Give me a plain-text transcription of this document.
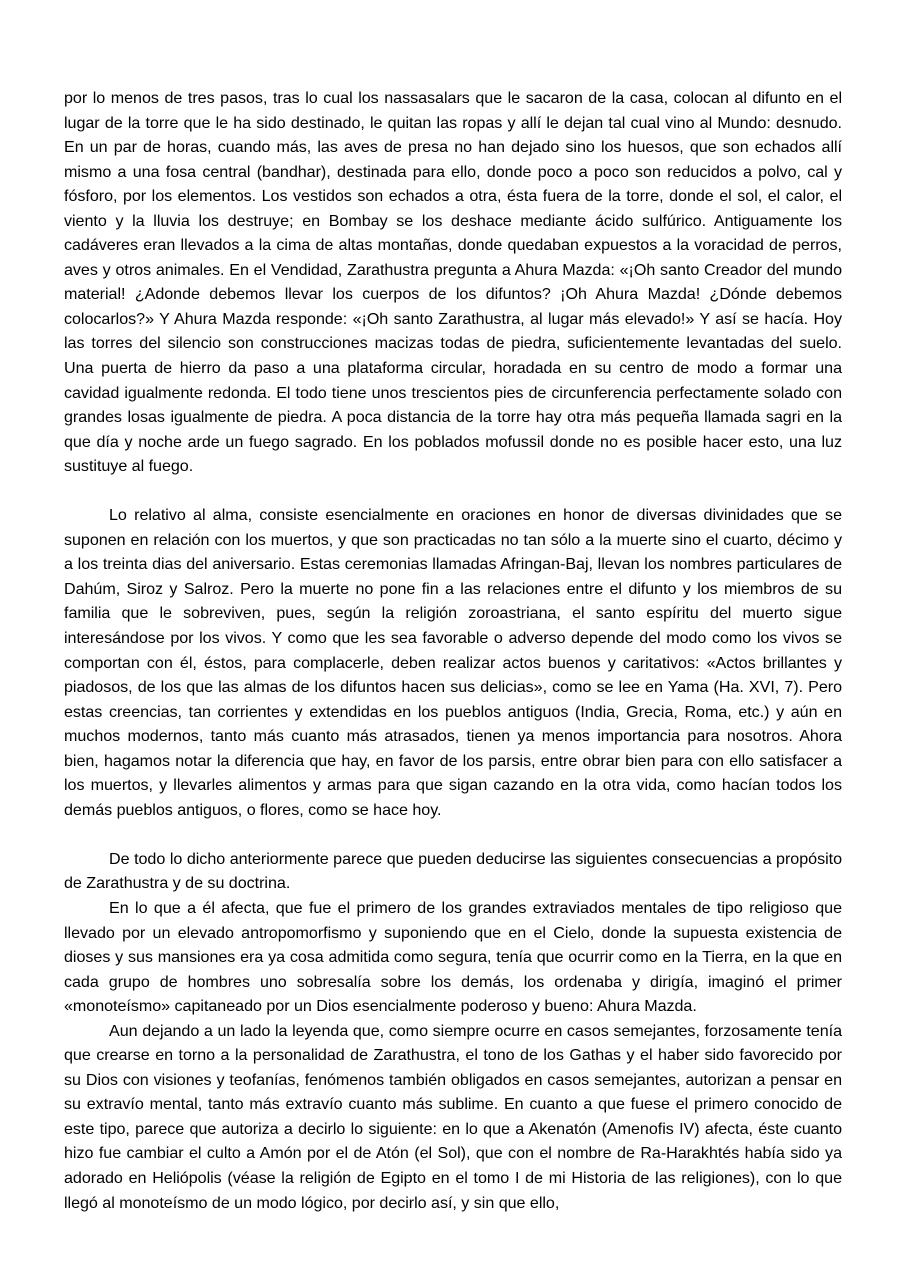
por lo menos de tres pasos, tras lo cual los nassasalars que le sacaron de la casa, colocan al difunto en el lugar de la torre que le ha sido destinado, le quitan las ropas y allí le dejan tal cual vino al Mundo: desnudo. En un par de horas, cuando más, las aves de presa no han dejado sino los huesos, que son echados allí mismo a una fosa central (bandhar), destinada para ello, donde poco a poco son reducidos a polvo, cal y fósforo, por los elementos. Los vestidos son echados a otra, ésta fuera de la torre, donde el sol, el calor, el viento y la lluvia los destruye; en Bombay se los deshace mediante ácido sulfúrico. Antiguamente los cadáveres eran llevados a la cima de altas montañas, donde quedaban expuestos a la voracidad de perros, aves y otros animales. En el Vendidad, Zarathustra pregunta a Ahura Mazda: «¡Oh santo Creador del mundo material! ¿Adonde debemos llevar los cuerpos de los difuntos? ¡Oh Ahura Mazda! ¿Dónde debemos colocarlos?» Y Ahura Mazda responde: «¡Oh santo Zarathustra, al lugar más elevado!» Y así se hacía. Hoy las torres del silencio son construcciones macizas todas de piedra, suficientemente levantadas del suelo. Una puerta de hierro da paso a una plataforma circular, horadada en su centro de modo a formar una cavidad igualmente redonda. El todo tiene unos trescientos pies de circunferencia perfectamente solado con grandes losas igualmente de piedra. A poca distancia de la torre hay otra más pequeña llamada sagri en la que día y noche arde un fuego sagrado. En los poblados mofussil donde no es posible hacer esto, una luz sustituye al fuego.

Lo relativo al alma, consiste esencialmente en oraciones en honor de diversas divinidades que se suponen en relación con los muertos, y que son practicadas no tan sólo a la muerte sino el cuarto, décimo y a los treinta dias del aniversario. Estas ceremonias llamadas Afringan-Baj, llevan los nombres particulares de Dahúm, Siroz y Salroz. Pero la muerte no pone fin a las relaciones entre el difunto y los miembros de su familia que le sobreviven, pues, según la religión zoroastriana, el santo espíritu del muerto sigue interesándose por los vivos. Y como que les sea favorable o adverso depende del modo como los vivos se comportan con él, éstos, para complacerle, deben realizar actos buenos y caritativos: «Actos brillantes y piadosos, de los que las almas de los difuntos hacen sus delicias», como se lee en Yama (Ha. XVI, 7). Pero estas creencias, tan corrientes y extendidas en los pueblos antiguos (India, Grecia, Roma, etc.) y aún en muchos modernos, tanto más cuanto más atrasados, tienen ya menos importancia para nosotros. Ahora bien, hagamos notar la diferencia que hay, en favor de los parsis, entre obrar bien para con ello satisfacer a los muertos, y llevarles alimentos y armas para que sigan cazando en la otra vida, como hacían todos los demás pueblos antiguos, o flores, como se hace hoy.

De todo lo dicho anteriormente parece que pueden deducirse las siguientes consecuencias a propósito de Zarathustra y de su doctrina.

En lo que a él afecta, que fue el primero de los grandes extraviados mentales de tipo religioso que llevado por un elevado antropomorfismo y suponiendo que en el Cielo, donde la supuesta existencia de dioses y sus mansiones era ya cosa admitida como segura, tenía que ocurrir como en la Tierra, en la que en cada grupo de hombres uno sobresalía sobre los demás, los ordenaba y dirigía, imaginó el primer «monoteísmo» capitaneado por un Dios esencialmente poderoso y bueno: Ahura Mazda.

Aun dejando a un lado la leyenda que, como siempre ocurre en casos semejantes, forzosamente tenía que crearse en torno a la personalidad de Zarathustra, el tono de los Gathas y el haber sido favorecido por su Dios con visiones y teofanías, fenómenos también obligados en casos semejantes, autorizan a pensar en su extravío mental, tanto más extravío cuanto más sublime. En cuanto a que fuese el primero conocido de este tipo, parece que autoriza a decirlo lo siguiente: en lo que a Akenatón (Amenofis IV) afecta, éste cuanto hizo fue cambiar el culto a Amón por el de Atón (el Sol), que con el nombre de Ra-Harakhtés había sido ya adorado en Heliópolis (véase la religión de Egipto en el tomo I de mi Historia de las religiones), con lo que llegó al monoteísmo de un modo lógico, por decirlo así, y sin que ello,
